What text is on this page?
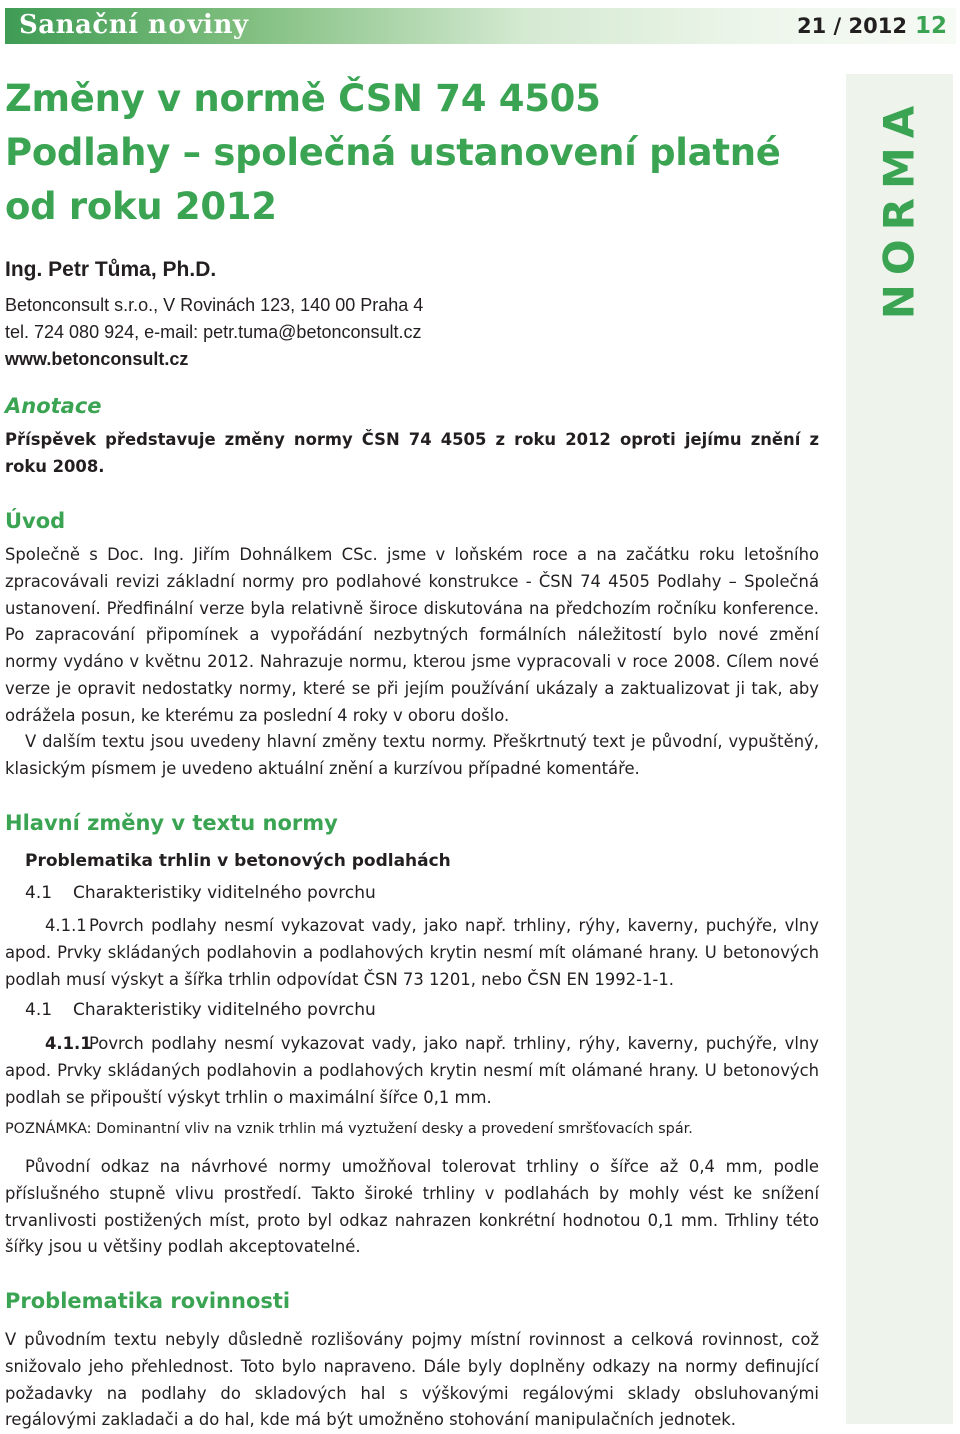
Sanační noviny	21 / 2012 12
NORMA
Změny v normě ČSN 74 4505
Podlahy – společná ustanovení platné
od roku 2012
Ing. Petr Tůma, Ph.D.
Betonconsult s.r.o., V Rovinách 123, 140 00 Praha 4
tel. 724 080 924, e-mail: petr.tuma@betonconsult.cz
www.betonconsult.cz
Anotace

Příspěvek představuje změny normy ČSN 74 4505 z roku 2012 oproti jejímu znění z roku 2008.

Úvod

Společně s Doc. Ing. Jiřím Dohnálkem CSc. jsme v loňském roce a na začátku roku letošního zpracovávali revizi základní normy pro podlahové konstrukce - ČSN 74 4505 Podlahy – Společná ustanovení. Předfinální verze byla relativně široce diskutována na předchozím ročníku konference. Po zapracování připomínek a vypořádání nezbytných formálních náležitostí bylo nové změní normy vydáno v květnu 2012. Nahrazuje normu, kterou jsme vypracovali v roce 2008. Cílem nové verze je opravit nedostatky normy, které se při jejím používání ukázaly a zaktualizovat ji tak, aby odrážela posun, ke kterému za poslední 4 roky v oboru došlo.

V dalším textu jsou uvedeny hlavní změny textu normy. Přeškrtnutý text je původní, vypuštěný, klasickým písmem je uvedeno aktuální znění a kurzívou případné komentáře.

Hlavní změny v textu normy

Problematika trhlin v betonových podlahách

4.1 Charakteristiky viditelného povrchu

4.1.1 Povrch podlahy nesmí vykazovat vady, jako např. trhliny, rýhy, kaverny, puchýře, vlny apod. Prvky skládaných podlahovin a podlahových krytin nesmí mít olámané hrany. U betonových podlah musí výskyt a šířka trhlin odpovídat ČSN 73 1201, nebo ČSN EN 1992-1-1.

4.1 Charakteristiky viditelného povrchu

4.1.1Povrch podlahy nesmí vykazovat vady, jako např. trhliny, rýhy, kaverny, puchýře, vlny apod. Prvky skládaných podlahovin a podlahových krytin nesmí mít olámané hrany. U betonových podlah se připouští výskyt trhlin o maximální šířce 0,1 mm.

POZNÁMKA: Dominantní vliv na vznik trhlin má vyztužení desky a provedení smršťovacích spár.

Původní odkaz na návrhové normy umožňoval tolerovat trhliny o šířce až 0,4 mm, podle příslušného stupně vlivu prostředí. Takto široké trhliny v podlahách by mohly vést ke snížení trvanlivosti postižených míst, proto byl odkaz nahrazen konkrétní hodnotou 0,1 mm. Trhliny této šířky jsou u většiny podlah akceptovatelné.

Problematika rovinnosti

V původním textu nebyly důsledně rozlišovány pojmy místní rovinnost a celková rovinnost, což snižovalo jeho přehlednost. Toto bylo napraveno. Dále byly doplněny odkazy na normy definující požadavky na podlahy do skladových hal s výškovými regálovými sklady obsluhovanými regálovými zakladači a do hal, kde má být umožněno stohování manipulačních jednotek.
